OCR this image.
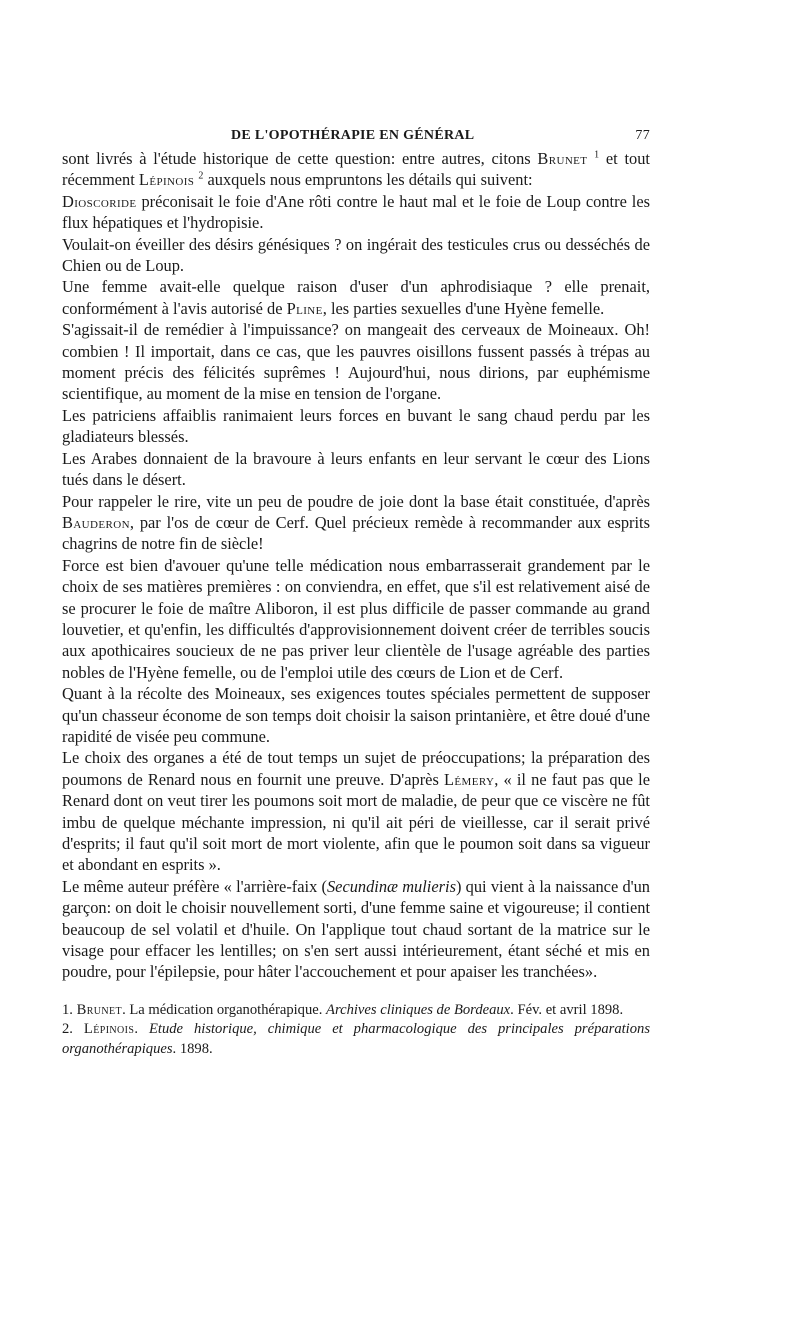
DE L'OPOTHÉRAPIE EN GÉNÉRAL	77

sont livrés à l'étude historique de cette question: entre autres, citons Brunet $^1$ et tout récemment Lépinois $^2$ auxquels nous empruntons les détails qui suivent:

Dioscoride préconisait le foie d'Ane rôti contre le haut mal et le foie de Loup contre les flux hépatiques et l'hydropisie.

Voulait-on éveiller des désirs génésiques ? on ingérait des testicules crus ou desséchés de Chien ou de Loup.

Une femme avait-elle quelque raison d'user d'un aphrodisiaque ? elle prenait, conformément à l'avis autorisé de Pline, les parties sexuelles d'une Hyène femelle.

S'agissait-il de remédier à l'impuissance? on mangeait des cerveaux de Moineaux. Oh! combien ! Il importait, dans ce cas, que les pauvres oisillons fussent passés à trépas au moment précis des félicités suprêmes ! Aujourd'hui, nous dirions, par euphémisme scientifique, au moment de la mise en tension de l'organe.

Les patriciens affaiblis ranimaient leurs forces en buvant le sang chaud perdu par les gladiateurs blessés.

Les Arabes donnaient de la bravoure à leurs enfants en leur servant le cœur des Lions tués dans le désert.

Pour rappeler le rire, vite un peu de poudre de joie dont la base était constituée, d'après Bauderon, par l'os de cœur de Cerf. Quel précieux remède à recommander aux esprits chagrins de notre fin de siècle!

Force est bien d'avouer qu'une telle médication nous embarrasserait grandement par le choix de ses matières premières : on conviendra, en effet, que s'il est relativement aisé de se procurer le foie de maître Aliboron, il est plus difficile de passer commande au grand louvetier, et qu'enfin, les difficultés d'approvisionnement doivent créer de terribles soucis aux apothicaires soucieux de ne pas priver leur clientèle de l'usage agréable des parties nobles de l'Hyène femelle, ou de l'emploi utile des cœurs de Lion et de Cerf.

Quant à la récolte des Moineaux, ses exigences toutes spéciales permettent de supposer qu'un chasseur économe de son temps doit choisir la saison printanière, et être doué d'une rapidité de visée peu commune.

Le choix des organes a été de tout temps un sujet de préoccupations; la préparation des poumons de Renard nous en fournit une preuve. D'après Lémery, « il ne faut pas que le Renard dont on veut tirer les poumons soit mort de maladie, de peur que ce viscère ne fût imbu de quelque méchante impression, ni qu'il ait péri de vieillesse, car il serait privé d'esprits; il faut qu'il soit mort de mort violente, afin que le poumon soit dans sa vigueur et abondant en esprits ».

Le même auteur préfère « l'arrière-faix (Secundinæ mulieris) qui vient à la naissance d'un garçon: on doit le choisir nouvellement sorti, d'une femme saine et vigoureuse; il contient beaucoup de sel volatil et d'huile. On l'applique tout chaud sortant de la matrice sur le visage pour effacer les lentilles; on s'en sert aussi intérieurement, étant séché et mis en poudre, pour l'épilepsie, pour hâter l'accouchement et pour apaiser les tranchées».

1. Brunet. La médication organothérapique. Archives cliniques de Bordeaux. Fév. et avril 1898.

2. Lépinois. Etude historique, chimique et pharmacologique des principales préparations organothérapiques. 1898.
